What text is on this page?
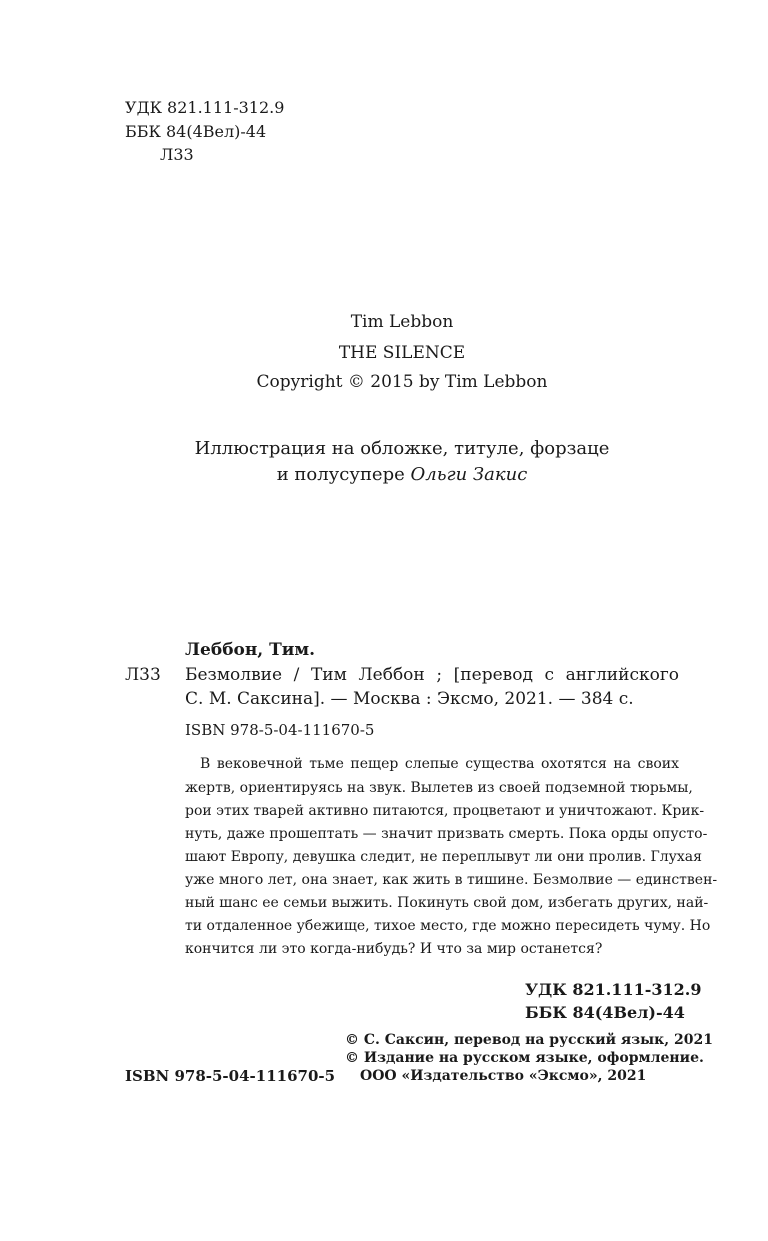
УДК 821.111-312.9
ББК 84(4Вел)-44
Л33
Tim Lebbon
THE SILENCE
Copyright © 2015 by Tim Lebbon
Иллюстрация на обложке, титуле, форзаце
и полусупере Ольги Закис
Леббон, Тим.
Л33 Безмолвие / Тим Леббон ; [перевод с английского
С. М. Саксина]. — Москва : Эксмо, 2021. — 384 с.
ISBN 978-5-04-111670-5
В вековечной тьме пещер слепые существа охотятся на своих
жертв, ориентируясь на звук. Вылетев из своей подземной тюрьмы,
рои этих тварей активно питаются, процветают и уничтожают. Крик-
нуть, даже прошептать — значит призвать смерть. Пока орды опусто-
шают Европу, девушка следит, не переплывут ли они пролив. Глухая
уже много лет, она знает, как жить в тишине. Безмолвие — единствен-
ный шанс ее семьи выжить. Покинуть свой дом, избегать других, най-
ти отдаленное убежище, тихое место, где можно пересидеть чуму. Но
кончится ли это когда-нибудь? И что за мир останется?
УДК 821.111-312.9
ББК 84(4Вел)-44
© С. Саксин, перевод на русский язык, 2021
© Издание на русском языке, оформление.
ООО «Издательство «Эксмо», 2021
ISBN 978-5-04-111670-5
